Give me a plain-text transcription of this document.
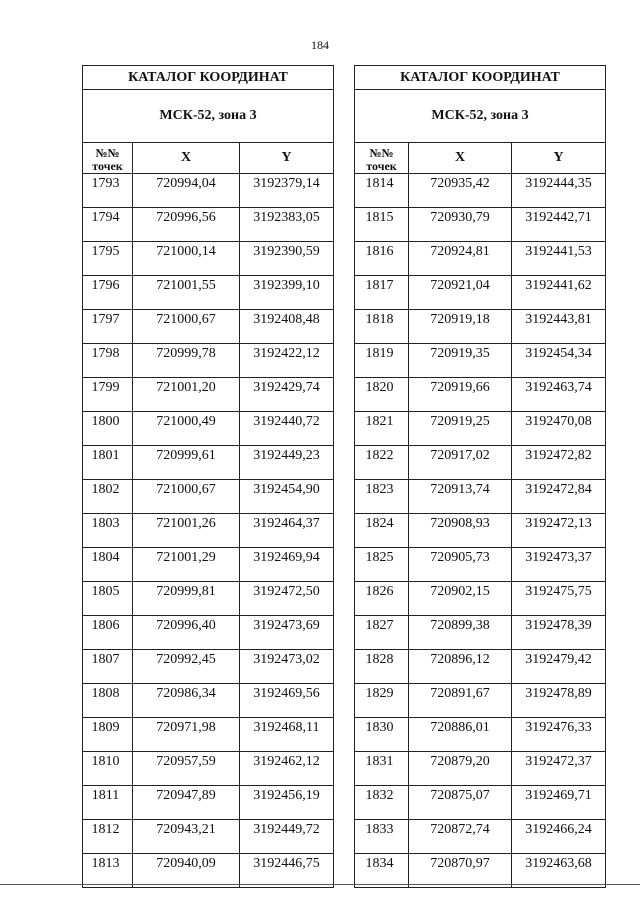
184
КАТАЛОГ КООРДИНАТ		
МСК-52, зона 3		
№№
точек	X	Y
1793	720994,04	3192379,14
1794	720996,56	3192383,05
1795	721000,14	3192390,59
1796	721001,55	3192399,10
1797	721000,67	3192408,48
1798	720999,78	3192422,12
1799	721001,20	3192429,74
1800	721000,49	3192440,72
1801	720999,61	3192449,23
1802	721000,67	3192454,90
1803	721001,26	3192464,37
1804	721001,29	3192469,94
1805	720999,81	3192472,50
1806	720996,40	3192473,69
1807	720992,45	3192473,02
1808	720986,34	3192469,56
1809	720971,98	3192468,11
1810	720957,59	3192462,12
1811	720947,89	3192456,19
1812	720943,21	3192449,72
1813	720940,09	3192446,75
КАТАЛОГ КООРДИНАТ		
МСК-52, зона 3		
№№
точек	X	Y
1814	720935,42	3192444,35
1815	720930,79	3192442,71
1816	720924,81	3192441,53
1817	720921,04	3192441,62
1818	720919,18	3192443,81
1819	720919,35	3192454,34
1820	720919,66	3192463,74
1821	720919,25	3192470,08
1822	720917,02	3192472,82
1823	720913,74	3192472,84
1824	720908,93	3192472,13
1825	720905,73	3192473,37
1826	720902,15	3192475,75
1827	720899,38	3192478,39
1828	720896,12	3192479,42
1829	720891,67	3192478,89
1830	720886,01	3192476,33
1831	720879,20	3192472,37
1832	720875,07	3192469,71
1833	720872,74	3192466,24
1834	720870,97	3192463,68
